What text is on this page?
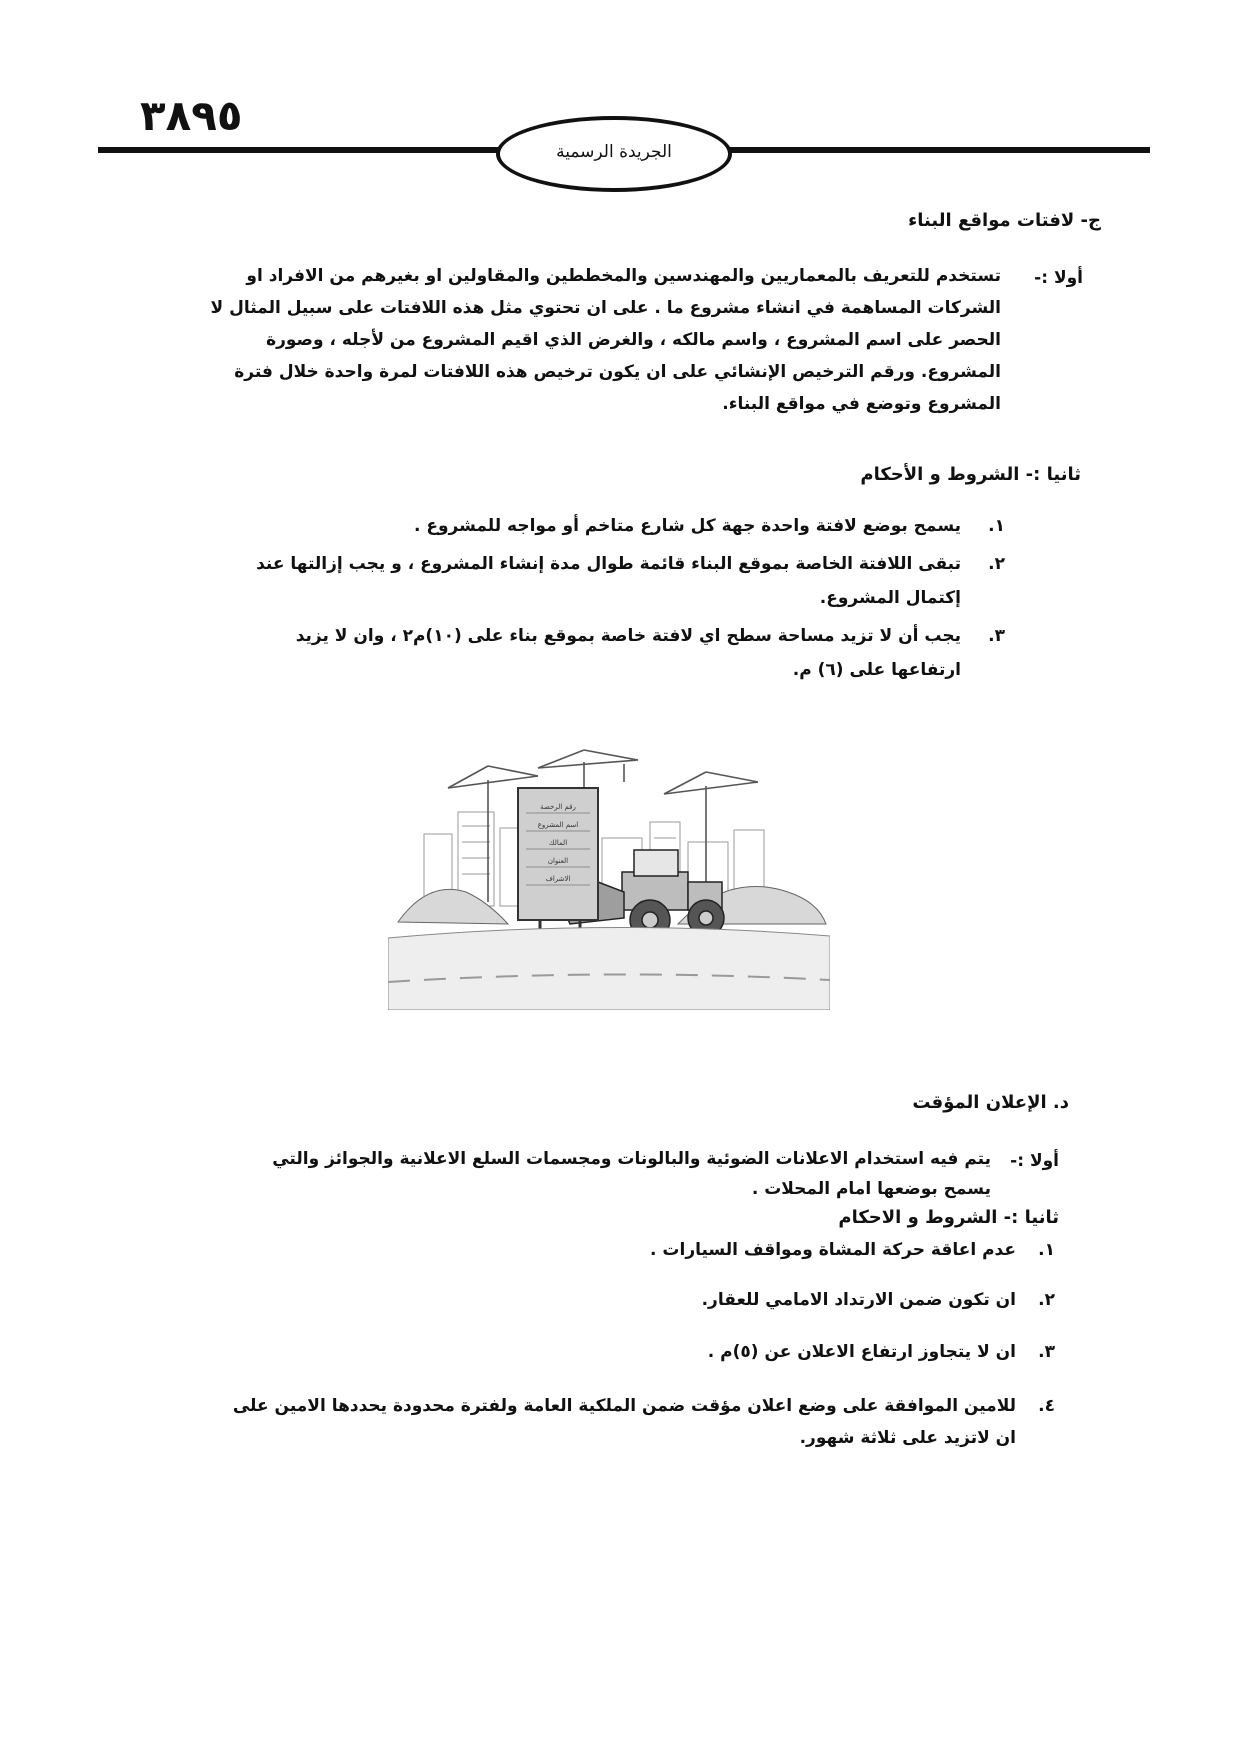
٣٨٩٥
الجريدة الرسمية
ج- لافتات مواقع البناء
أولا :-
تستخدم للتعريف بالمعماريين والمهندسين والمخططين والمقاولين او بغيرهم من الافراد او
الشركات المساهمة في انشاء مشروع ما . على ان تحتوي مثل هذه اللافتات على سبيل المثال لا
الحصر على اسم المشروع ، واسم مالكه ، والغرض الذي اقيم المشروع من لأجله ، وصورة
المشروع. ورقم الترخيص الإنشائي على ان يكون ترخيص هذه اللافتات لمرة واحدة خلال فترة
المشروع وتوضع في مواقع البناء.
ثانيا :- الشروط و الأحكام
١.
يسمح بوضع لافتة واحدة جهة كل شارع متاخم أو مواجه للمشروع .
٢.
تبقى اللافتة الخاصة بموقع البناء قائمة طوال مدة إنشاء المشروع ، و يجب إزالتها عند
إكتمال المشروع.
٣.
يجب أن لا تزيد مساحة سطح اي لافتة خاصة بموقع بناء على (١٠)م٢ ، وان لا يزيد
ارتفاعها على (٦) م.
رقم الرخصة
اسم المشروع
المالك
العنوان
الاشراف
د. الإعلان المؤقت
أولا :-
يتم فيه استخدام الاعلانات الضوئية والبالونات ومجسمات السلع الاعلانية والجوائز والتي
يسمح بوضعها امام المحلات .
ثانيا :- الشروط و الاحكام
١.
عدم اعاقة حركة المشاة ومواقف السيارات .
٢.
ان تكون ضمن الارتداد الامامي للعقار.
٣.
ان لا يتجاوز ارتفاع الاعلان عن (٥)م .
٤.
للامين الموافقة على وضع اعلان مؤقت ضمن الملكية العامة ولفترة محدودة يحددها الامين على
ان لاتزيد على ثلاثة شهور.
